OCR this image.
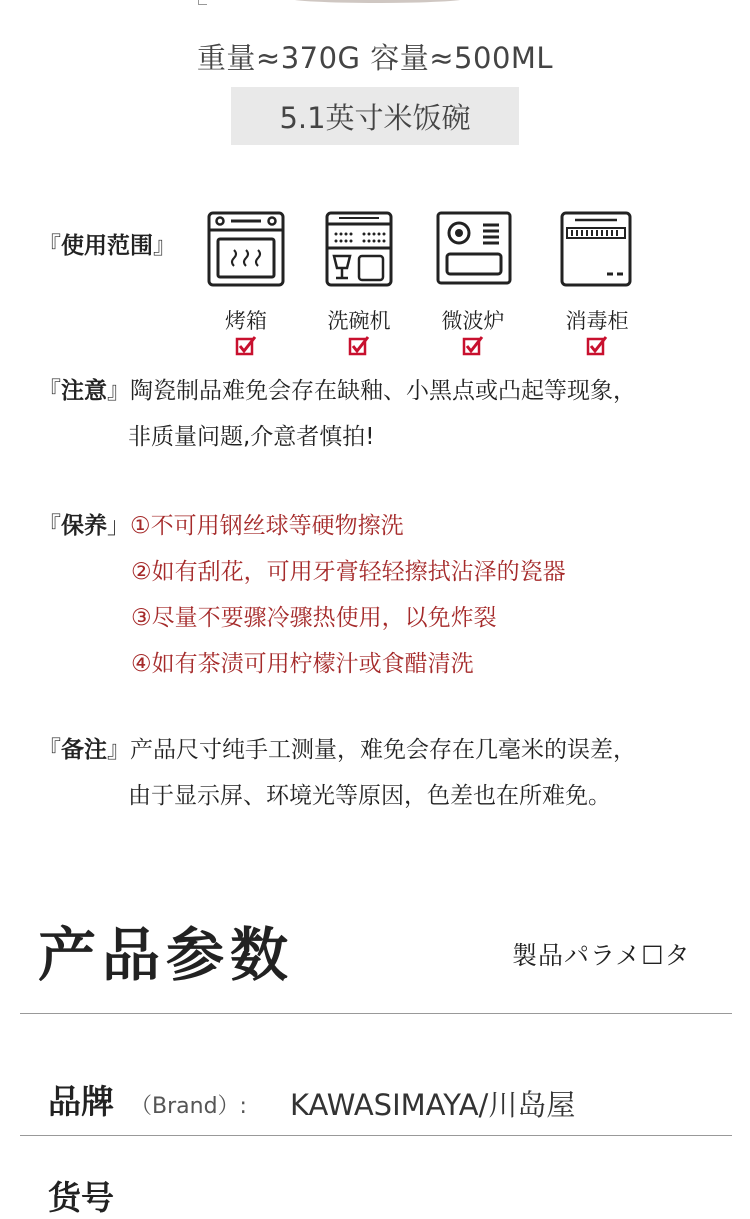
重量≈370G 容量≈500ML
5.1英寸米饭碗
『使用范围』
烤箱	洗碗机	微波炉	消毒柜
『注意』陶瓷制品难免会存在缺釉、小黑点或凸起等现象，
非质量问题,介意者慎拍!
『保养」①不可用钢丝球等硬物擦洗
②如有刮花，可用牙膏轻轻擦拭沾泽的瓷器
③尽量不要骤冷骤热使用，以免炸裂
④如有茶渍可用柠檬汁或食醋清洗
『备注』产品尺寸纯手工测量，难免会存在几毫米的误差，
由于显示屏、环境光等原因，色差也在所难免。
产品参数	製品パラメ☐タ
品牌 （Brand）: KAWASIMAYA/川岛屋
货号
